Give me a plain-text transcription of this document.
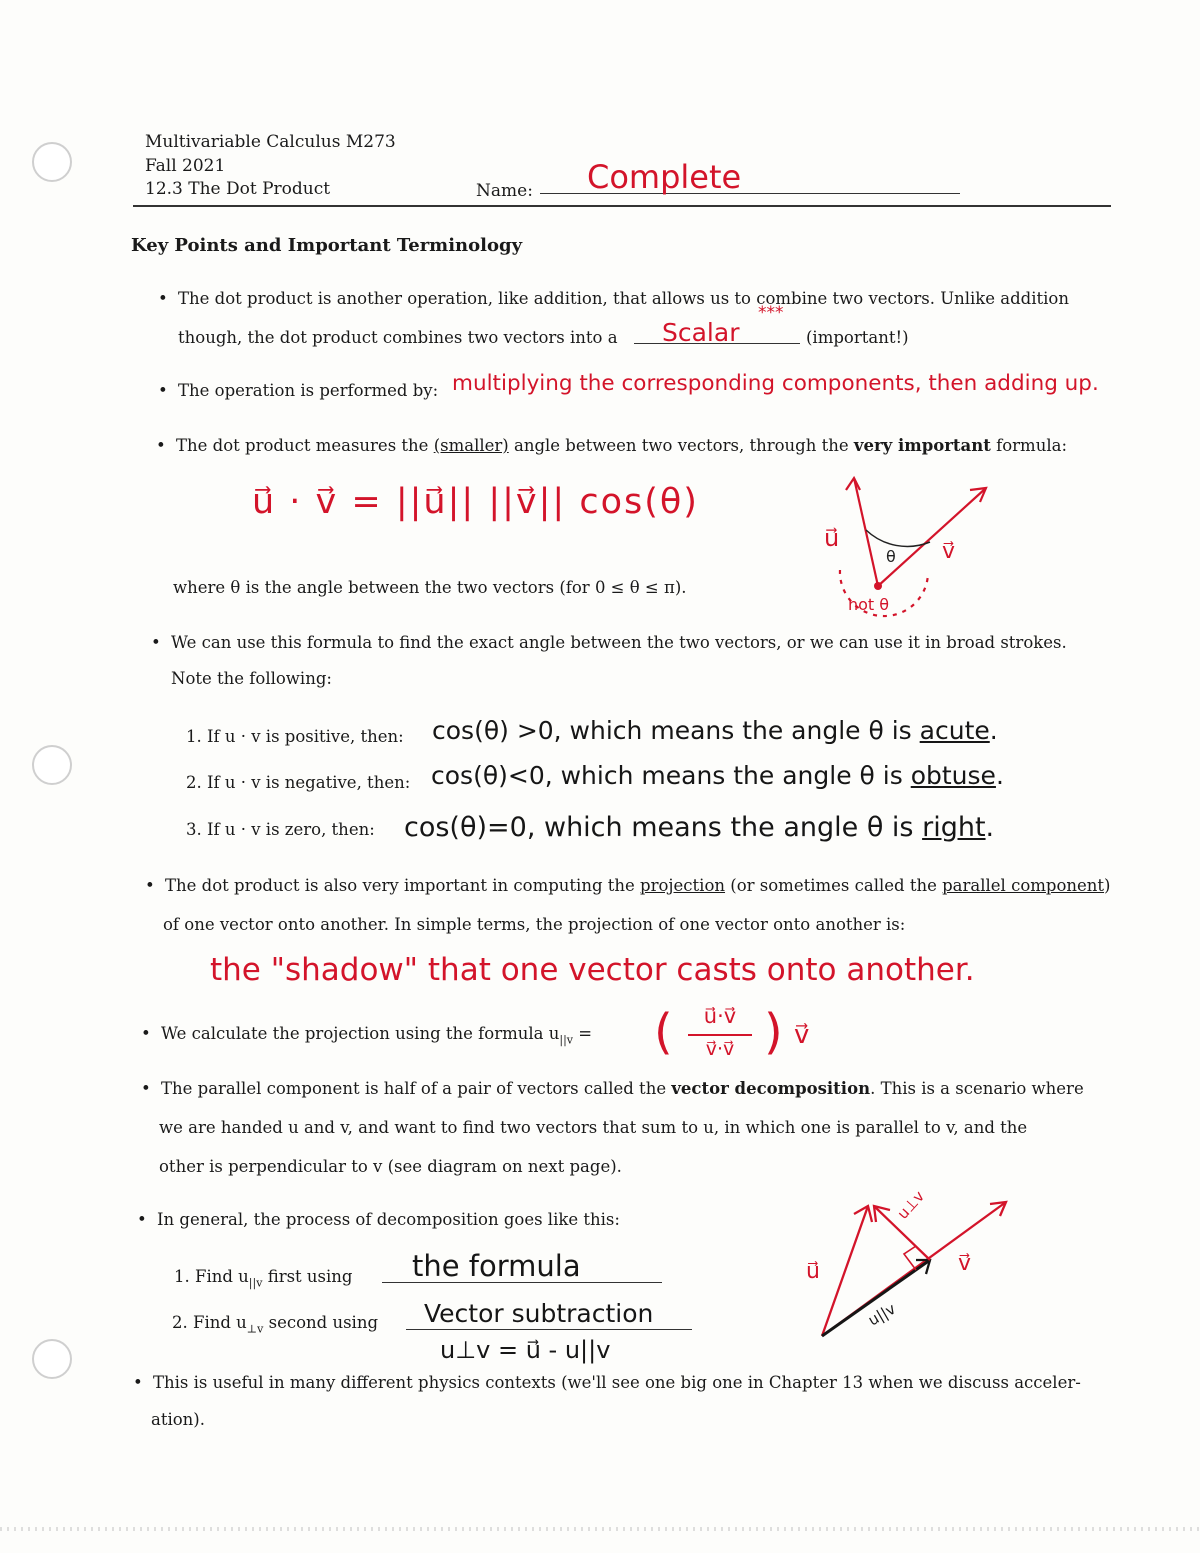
Multivariable Calculus M273
Fall 2021
12.3 The Dot Product	Name: Complete
Key Points and Important Terminology
• The dot product is another operation, like addition, that allows us to combine two vectors. Unlike addition
though, the dot product combines two vectors into a Scalar
***
(important!)
• The operation is performed by: multiplying the corresponding components, then adding up.
• The dot product measures the (smaller) angle between two vectors, through the very important formula:
u⃗ · v⃗ = ||u⃗|| ||v⃗|| cos(θ)
where θ is the angle between the two vectors (for 0 ≤ θ ≤ π).
u⃗	v⃗
θ
not θ
• We can use this formula to find the exact angle between the two vectors, or we can use it in broad strokes.
Note the following:
1. If u · v is positive, then: cos(θ) >0, which means the angle θ is acute.
2. If u · v is negative, then: cos(θ)<0, which means the angle θ is obtuse.
3. If u · v is zero, then: cos(θ)=0, which means the angle θ is right.
• The dot product is also very important in computing the projection (or sometimes called the parallel component)
of one vector onto another. In simple terms, the projection of one vector onto another is:
the "shadow" that one vector casts onto another.
• We calculate the projection using the formula $u_{||v}$ = (	u⃗·v⃗
v⃗·v⃗ ) v⃗
• The parallel component is half of a pair of vectors called the vector decomposition. This is a scenario where
we are handed u and v, and want to find two vectors that sum to u, in which one is parallel to v, and the
other is perpendicular to v (see diagram on next page).
• In general, the process of decomposition goes like this:
1. Find $u_{||v}$ first using the formula
2. Find $u_{\perp v}$ second using Vector subtraction
u⊥v = u⃗ - u||v
u⃗	v⃗
u⊥v
u||v
• This is useful in many different physics contexts (we'll see one big one in Chapter 13 when we discuss acceler-
ation).
